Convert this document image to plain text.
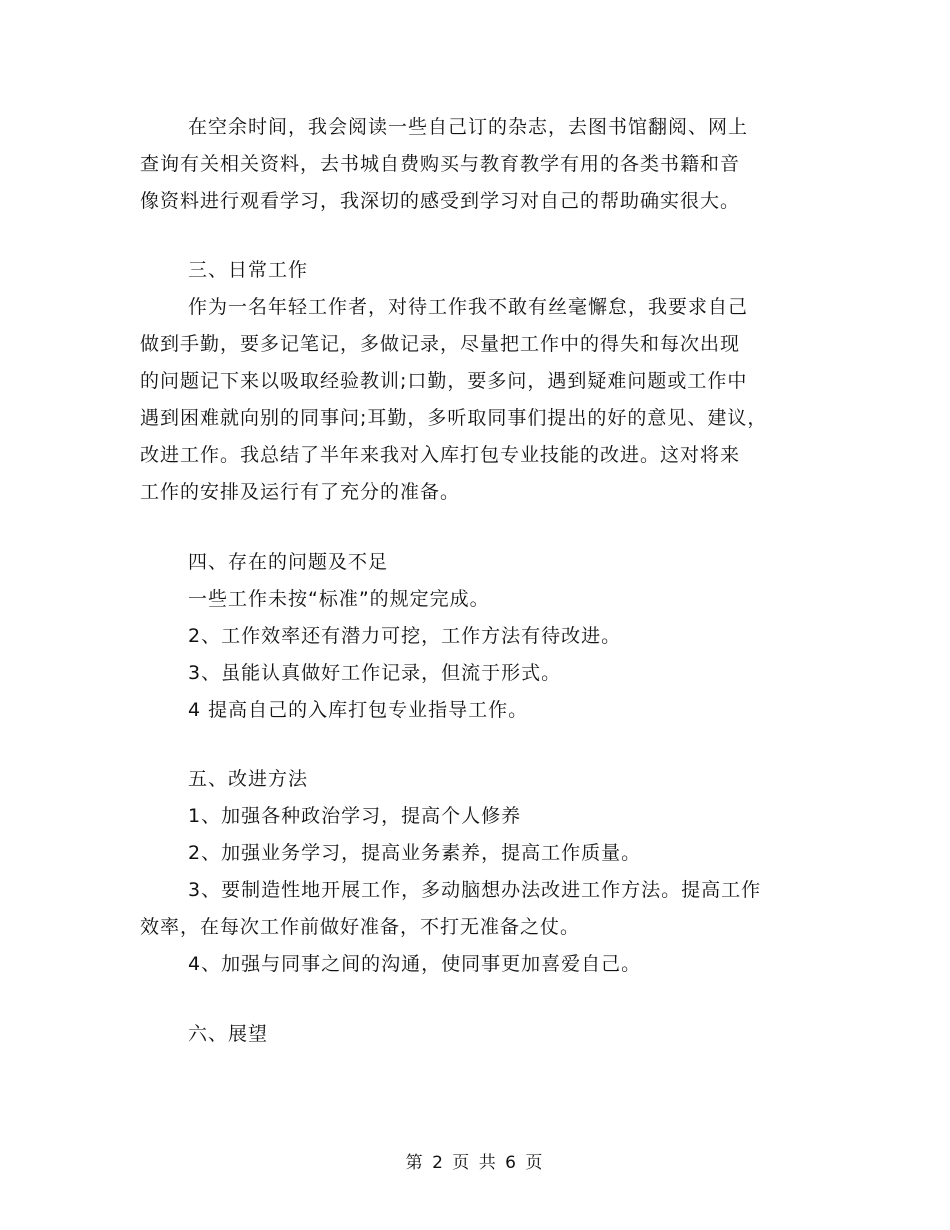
在空余时间，我会阅读一些自己订的杂志，去图书馆翻阅、网上
查询有关相关资料，去书城自费购买与教育教学有用的各类书籍和音
像资料进行观看学习，我深切的感受到学习对自己的帮助确实很大。
三、日常工作
作为一名年轻工作者，对待工作我不敢有丝毫懈怠，我要求自己
做到手勤，要多记笔记，多做记录，尽量把工作中的得失和每次出现
的问题记下来以吸取经验教训;口勤，要多问，遇到疑难问题或工作中
遇到困难就向别的同事问;耳勤，多听取同事们提出的好的意见、建议，
改进工作。我总结了半年来我对入库打包专业技能的改进。这对将来
工作的安排及运行有了充分的准备。
四、存在的问题及不足
一些工作未按“标准”的规定完成。
2、工作效率还有潜力可挖，工作方法有待改进。
3、虽能认真做好工作记录，但流于形式。
4 提高自己的入库打包专业指导工作。
五、改进方法
1、加强各种政治学习，提高个人修养
2、加强业务学习，提高业务素养，提高工作质量。
3、要制造性地开展工作，多动脑想办法改进工作方法。提高工作
效率，在每次工作前做好准备，不打无准备之仗。
4、加强与同事之间的沟通，使同事更加喜爱自己。
六、展望
第 2 页 共 6 页
